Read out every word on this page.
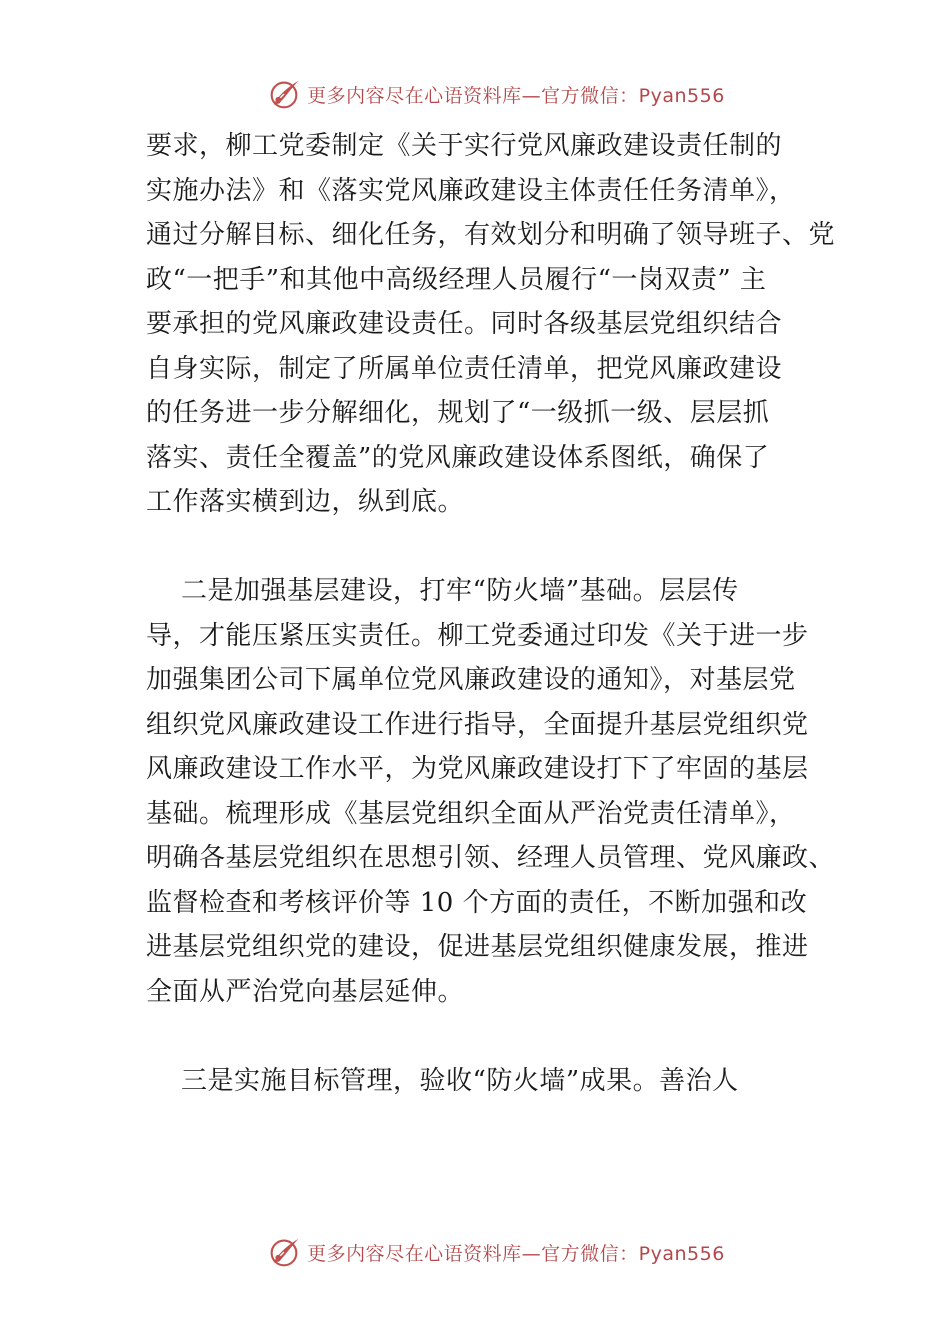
更多内容尽在心语资料库—官方微信：Pyan556
要求，柳工党委制定《关于实行党风廉政建设责任制的
实施办法》和《落实党风廉政建设主体责任任务清单》，
通过分解目标、细化任务，有效划分和明确了领导班子、党
政“一把手”和其他中高级经理人员履行“一岗双责” 主
要承担的党风廉政建设责任。同时各级基层党组织结合
自身实际，制定了所属单位责任清单，把党风廉政建设
的任务进一步分解细化，规划了“一级抓一级、层层抓
落实、责任全覆盖”的党风廉政建设体系图纸，确保了
工作落实横到边，纵到底。
二是加强基层建设，打牢“防火墙”基础。层层传
导，才能压紧压实责任。柳工党委通过印发《关于进一步
加强集团公司下属单位党风廉政建设的通知》，对基层党
组织党风廉政建设工作进行指导，全面提升基层党组织党
风廉政建设工作水平，为党风廉政建设打下了牢固的基层
基础。梳理形成《基层党组织全面从严治党责任清单》，
明确各基层党组织在思想引领、经理人员管理、党风廉政、
监督检查和考核评价等 10 个方面的责任，不断加强和改
进基层党组织党的建设，促进基层党组织健康发展，推进
全面从严治党向基层延伸。
三是实施目标管理，验收“防火墙”成果。善治人
更多内容尽在心语资料库—官方微信：Pyan556
